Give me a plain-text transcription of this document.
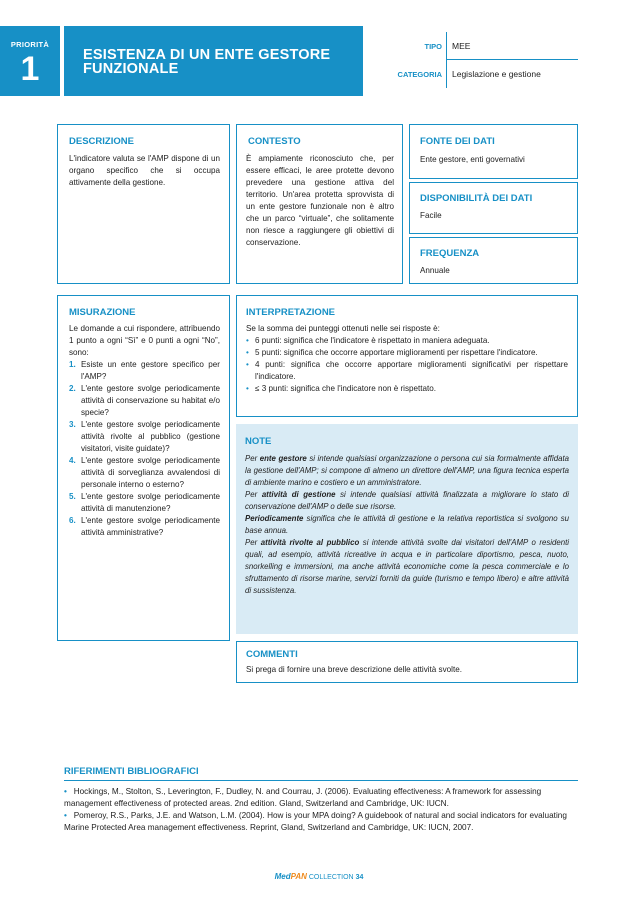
PRIORITÀ
1	ESISTENZA DI UN ENTE GESTORE
FUNZIONALE
TIPO MEE
CATEGORIA Legislazione e gestione
DESCRIZIONE
L'indicatore valuta se l'AMP dispone di un organo specifico che si occupa attivamente della gestione.
CONTESTO
È ampiamente riconosciuto che, per essere efficaci, le aree protette devono prevedere una gestione attiva del territorio. Un'area protetta sprovvista di un ente gestore funzionale non è altro che un parco “virtuale”, che solitamente non riesce a raggiungere gli obiettivi di conservazione.
FONTE DEI DATI
Ente gestore, enti governativi
DISPONIBILITÀ DEI DATI
Facile
FREQUENZA
Annuale
MISURAZIONE
Le domande a cui rispondere, attribuendo 1 punto a ogni “Sì” e 0 punti a ogni “No”, sono:
1. Esiste un ente gestore specifico per l'AMP?
2. L'ente gestore svolge periodicamente attività di conservazione su habitat e/o specie?
3. L'ente gestore svolge periodicamente attività rivolte al pubblico (gestione visitatori, visite guidate)?
4. L'ente gestore svolge periodicamente attività di sorveglianza avvalendosi di personale interno o esterno?
5. L'ente gestore svolge periodicamente attività di manutenzione?
6. L'ente gestore svolge periodicamente attività amministrative?
INTERPRETAZIONE
Se la somma dei punteggi ottenuti nelle sei risposte è:
• 6 punti: significa che l'indicatore è rispettato in maniera adeguata.
• 5 punti: significa che occorre apportare miglioramenti per rispettare l'indicatore.
• 4 punti: significa che occorre apportare miglioramenti significativi per rispettare l'indicatore.
• ≤ 3 punti: significa che l'indicatore non è rispettato.
NOTE

Per ente gestore si intende qualsiasi organizzazione o persona cui sia formalmente affidata la gestione dell'AMP; si compone di almeno un direttore dell'AMP, una figura tecnica esperta di ambiente marino e costiero e un amministratore.

Per attività di gestione si intende qualsiasi attività finalizzata a migliorare lo stato di conservazione dell'AMP o delle sue risorse.

Periodicamente significa che le attività di gestione e la relativa reportistica si svolgono su base annua.

Per attività rivolte al pubblico si intende attività svolte dai visitatori dell'AMP o residenti quali, ad esempio, attività ricreative in acqua e in particolare diportismo, pesca, nuoto, snorkelling e immersioni, ma anche attività economiche come la pesca commerciale e lo sfruttamento di risorse marine, servizi forniti da guide (turismo e tempo libero) e altre attività di sussistenza.

COMMENTI
Si prega di fornire una breve descrizione delle attività svolte.
RIFERIMENTI BIBLIOGRAFICI
• Hockings, M., Stolton, S., Leverington, F., Dudley, N. and Courrau, J. (2006). Evaluating effectiveness: A framework for assessing management effectiveness of protected areas. 2nd edition. Gland, Switzerland and Cambridge, UK: IUCN.
• Pomeroy, R.S., Parks, J.E. and Watson, L.M. (2004). How is your MPA doing? A guidebook of natural and social indicators for evaluating Marine Protected Area management effectiveness. Reprint, Gland, Switzerland and Cambridge, UK: IUCN, 2007.
MedPAN COLLECTION 34
